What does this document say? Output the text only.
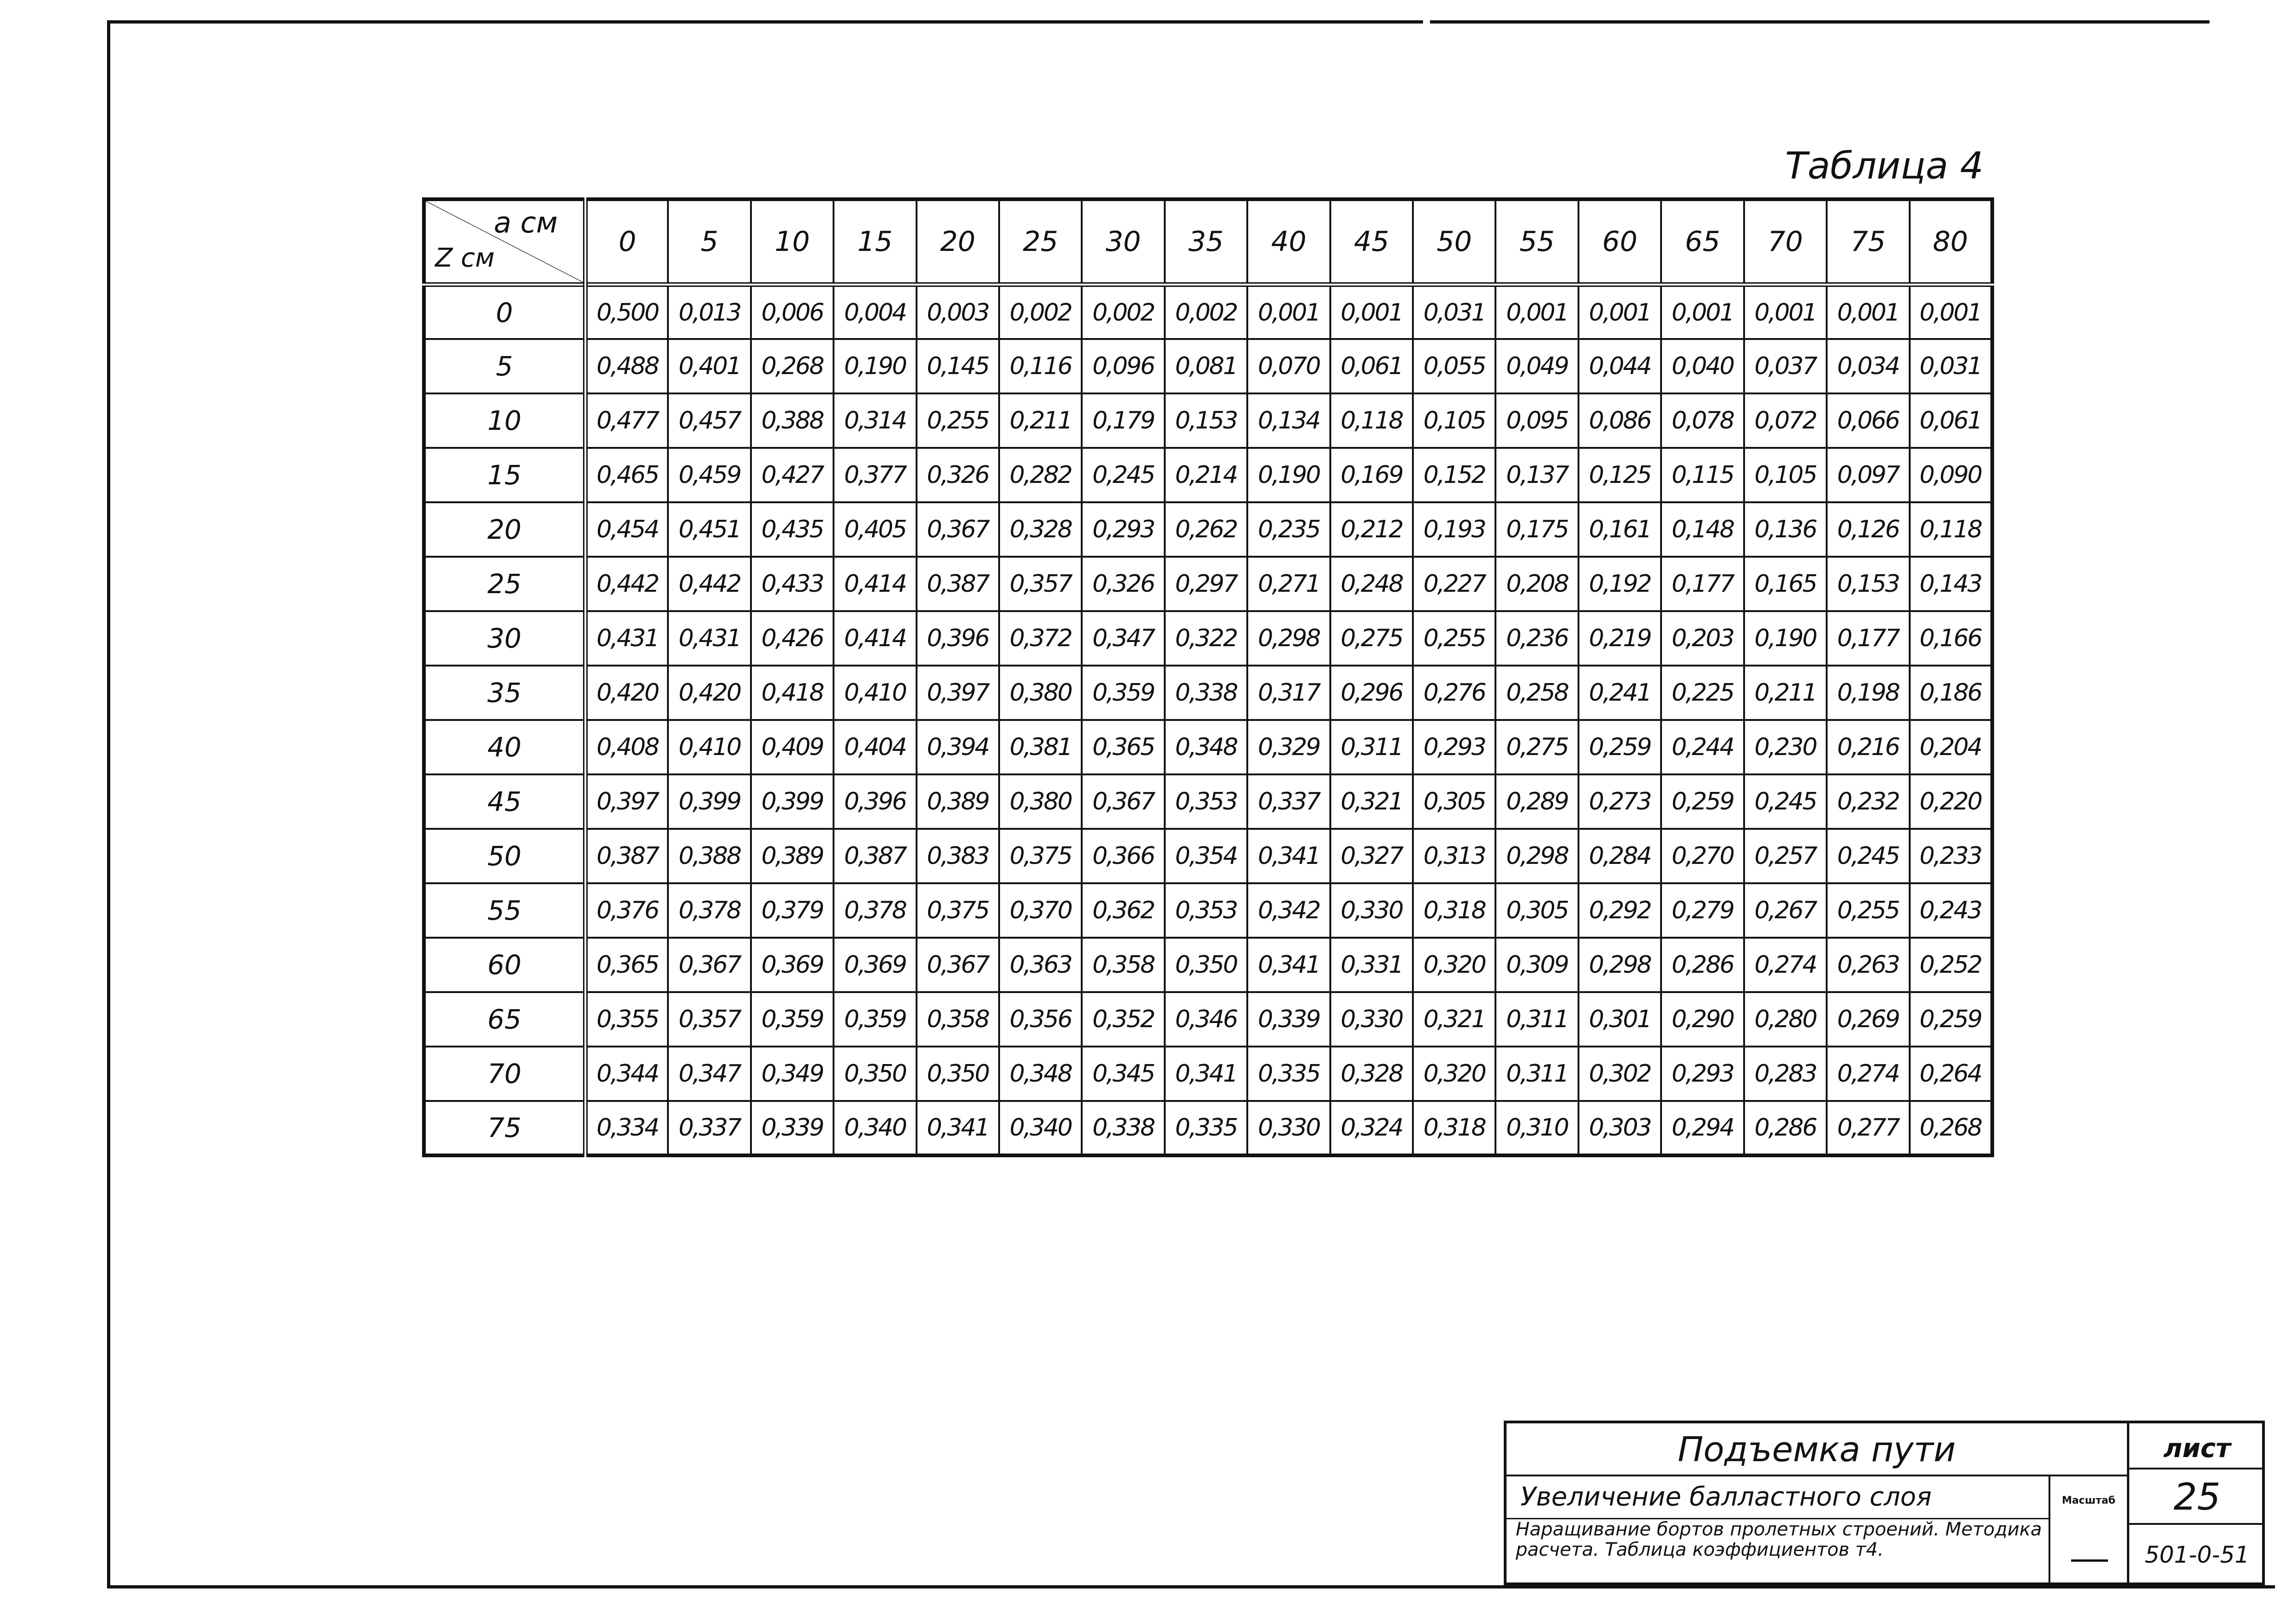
Таблица 4
a см
Z см	0	5	10	15	20	25	30	35	40	45	50	55	60	65	70	75	80
0	0,500	0,013	0,006	0,004	0,003	0,002	0,002	0,002	0,001	0,001	0,031	0,001	0,001	0,001	0,001	0,001	0,001
5	0,488	0,401	0,268	0,190	0,145	0,116	0,096	0,081	0,070	0,061	0,055	0,049	0,044	0,040	0,037	0,034	0,031
10	0,477	0,457	0,388	0,314	0,255	0,211	0,179	0,153	0,134	0,118	0,105	0,095	0,086	0,078	0,072	0,066	0,061
15	0,465	0,459	0,427	0,377	0,326	0,282	0,245	0,214	0,190	0,169	0,152	0,137	0,125	0,115	0,105	0,097	0,090
20	0,454	0,451	0,435	0,405	0,367	0,328	0,293	0,262	0,235	0,212	0,193	0,175	0,161	0,148	0,136	0,126	0,118
25	0,442	0,442	0,433	0,414	0,387	0,357	0,326	0,297	0,271	0,248	0,227	0,208	0,192	0,177	0,165	0,153	0,143
30	0,431	0,431	0,426	0,414	0,396	0,372	0,347	0,322	0,298	0,275	0,255	0,236	0,219	0,203	0,190	0,177	0,166
35	0,420	0,420	0,418	0,410	0,397	0,380	0,359	0,338	0,317	0,296	0,276	0,258	0,241	0,225	0,211	0,198	0,186
40	0,408	0,410	0,409	0,404	0,394	0,381	0,365	0,348	0,329	0,311	0,293	0,275	0,259	0,244	0,230	0,216	0,204
45	0,397	0,399	0,399	0,396	0,389	0,380	0,367	0,353	0,337	0,321	0,305	0,289	0,273	0,259	0,245	0,232	0,220
50	0,387	0,388	0,389	0,387	0,383	0,375	0,366	0,354	0,341	0,327	0,313	0,298	0,284	0,270	0,257	0,245	0,233
55	0,376	0,378	0,379	0,378	0,375	0,370	0,362	0,353	0,342	0,330	0,318	0,305	0,292	0,279	0,267	0,255	0,243
60	0,365	0,367	0,369	0,369	0,367	0,363	0,358	0,350	0,341	0,331	0,320	0,309	0,298	0,286	0,274	0,263	0,252
65	0,355	0,357	0,359	0,359	0,358	0,356	0,352	0,346	0,339	0,330	0,321	0,311	0,301	0,290	0,280	0,269	0,259
70	0,344	0,347	0,349	0,350	0,350	0,348	0,345	0,341	0,335	0,328	0,320	0,311	0,302	0,293	0,283	0,274	0,264
75	0,334	0,337	0,339	0,340	0,341	0,340	0,338	0,335	0,330	0,324	0,318	0,310	0,303	0,294	0,286	0,277	0,268
Подъемка пути
Увеличение балластного слоя
Наращивание бортов пролетных строений. Методика расчета. Таблица коэффициентов т4.
Масштаб
лист
25
501-0-51
